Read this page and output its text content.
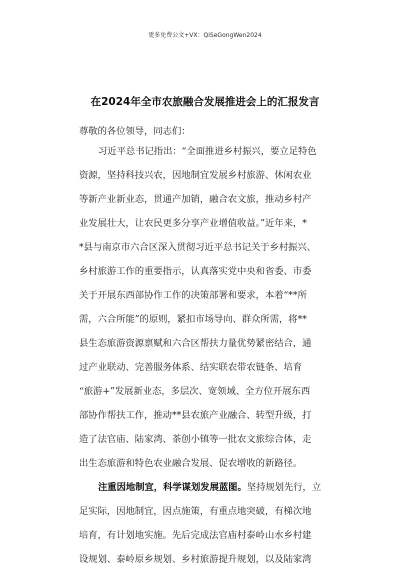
更多免费公文+VX：QiSeGongWen2024
在2024年全市农旅融合发展推进会上的汇报发言
尊敬的各位领导，同志们：
习近平总书记指出：“全面推进乡村振兴，要立足特色
资源，坚持科技兴农，因地制宜发展乡村旅游、休闲农业
等新产业新业态，贯通产加销，融合农文旅，推动乡村产
业发展壮大，让农民更多分享产业增值收益。”近年来，*
*县与南京市六合区深入贯彻习近平总书记关于乡村振兴、
乡村旅游工作的重要指示，认真落实党中央和省委、市委
关于开展东西部协作工作的决策部署和要求，本着“**所
需，六合所能”的原则，紧扣市场导向、群众所需，将**
县生态旅游资源禀赋和六合区帮扶力量优势紧密结合，通
过产业联动、完善服务体系、结实联农带农链条、培育
“旅游+”发展新业态，多层次、宽领域、全方位开展东西
部协作帮扶工作，推动**县农旅产业融合、转型升级，打
造了法官庙、陆家湾、茶创小镇等一批农文旅综合体，走
出生态旅游和特色农业融合发展、促农增收的新路径。
注重因地制宜，科学谋划发展蓝图。坚持规划先行，立
足实际，因地制宜，因点施策，有重点地突破，有梯次地
培育，有计划地实施。先后完成法官庙村泰岭山水乡村建
设规划、泰岭原乡规划、乡村旅游提升规划，以及陆家湾
